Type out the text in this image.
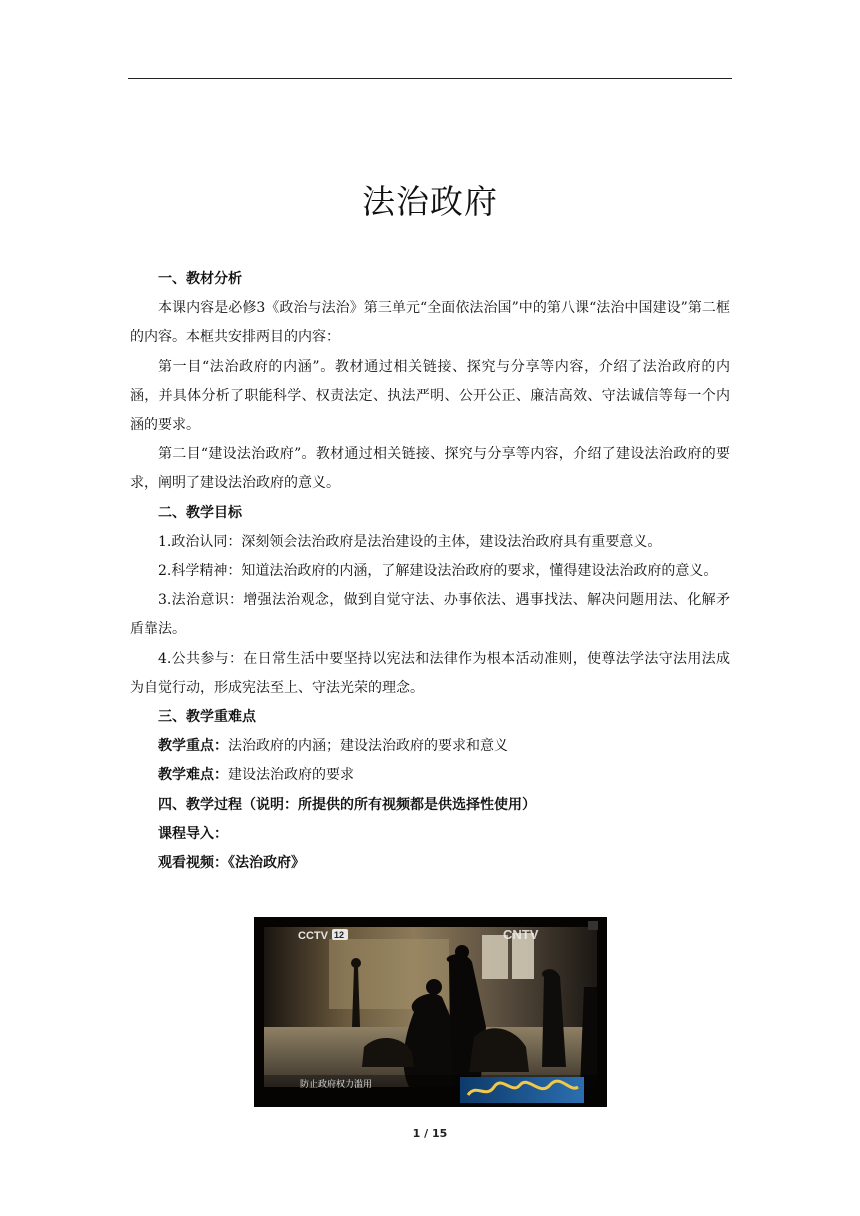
法治政府

一、教材分析

本课内容是必修3《政治与法治》第三单元“全面依法治国”中的第八课“法治中国建设”第二框的内容。本框共安排两目的内容：

第一目“法治政府的内涵”。教材通过相关链接、探究与分享等内容，介绍了法治政府的内涵，并具体分析了职能科学、权责法定、执法严明、公开公正、廉洁高效、守法诚信等每一个内涵的要求。

第二目“建设法治政府”。教材通过相关链接、探究与分享等内容，介绍了建设法治政府的要求，阐明了建设法治政府的意义。

二、教学目标

1.政治认同：深刻领会法治政府是法治建设的主体，建设法治政府具有重要意义。

2.科学精神：知道法治政府的内涵，了解建设法治政府的要求，懂得建设法治政府的意义。

3.法治意识：增强法治观念，做到自觉守法、办事依法、遇事找法、解决问题用法、化解矛盾靠法。

4.公共参与：在日常生活中要坚持以宪法和法律作为根本活动准则，使尊法学法守法用法成为自觉行动，形成宪法至上、守法光荣的理念。

三、教学重难点

教学重点：法治政府的内涵；建设法治政府的要求和意义

教学难点：建设法治政府的要求

四、教学过程（说明：所提供的所有视频都是供选择性使用）

课程导入：

观看视频：《法治政府》

CCTV 12	CNTV
防止政府权力滥用
1 / 15
